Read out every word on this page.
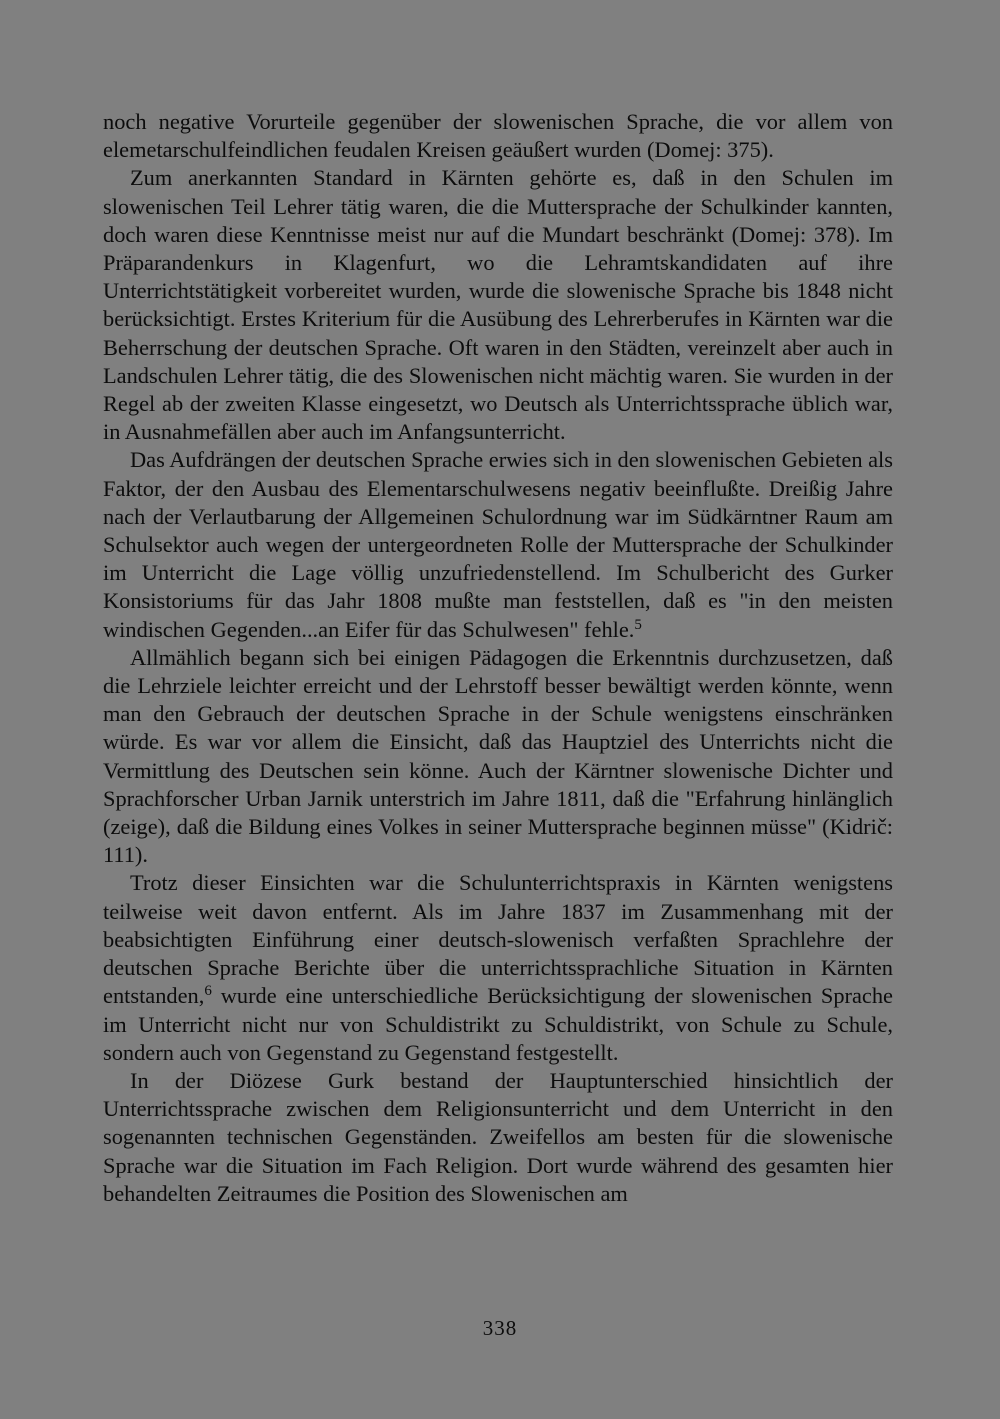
noch negative Vorurteile gegenüber der slowenischen Sprache, die vor allem von elemetarschulfeindlichen feudalen Kreisen geäußert wurden (Domej: 375).

Zum anerkannten Standard in Kärnten gehörte es, daß in den Schulen im slowenischen Teil Lehrer tätig waren, die die Muttersprache der Schulkinder kannten, doch waren diese Kenntnisse meist nur auf die Mundart beschränkt (Domej: 378). Im Präparandenkurs in Klagenfurt, wo die Lehramtskandidaten auf ihre Unterrichtstätigkeit vorbereitet wurden, wurde die slowenische Sprache bis 1848 nicht berücksichtigt. Erstes Kriterium für die Ausübung des Lehrerberufes in Kärnten war die Beherrschung der deutschen Sprache. Oft waren in den Städten, vereinzelt aber auch in Landschulen Lehrer tätig, die des Slowenischen nicht mächtig waren. Sie wurden in der Regel ab der zweiten Klasse eingesetzt, wo Deutsch als Unterrichtssprache üblich war, in Ausnahmefällen aber auch im Anfangsunterricht.

Das Aufdrängen der deutschen Sprache erwies sich in den slowenischen Gebieten als Faktor, der den Ausbau des Elementarschulwesens negativ beeinflußte. Dreißig Jahre nach der Verlautbarung der Allgemeinen Schulordnung war im Südkärntner Raum am Schulsektor auch wegen der untergeordneten Rolle der Muttersprache der Schulkinder im Unterricht die Lage völlig unzufriedenstellend. Im Schulbericht des Gurker Konsistoriums für das Jahr 1808 mußte man feststellen, daß es "in den meisten windischen Gegenden...an Eifer für das Schulwesen" fehle.$^5$

Allmählich begann sich bei einigen Pädagogen die Erkenntnis durchzusetzen, daß die Lehrziele leichter erreicht und der Lehrstoff besser bewältigt werden könnte, wenn man den Gebrauch der deutschen Sprache in der Schule wenigstens einschränken würde. Es war vor allem die Einsicht, daß das Hauptziel des Unterrichts nicht die Vermittlung des Deutschen sein könne. Auch der Kärntner slowenische Dichter und Sprachforscher Urban Jarnik unterstrich im Jahre 1811, daß die "Erfahrung hinlänglich (zeige), daß die Bildung eines Volkes in seiner Muttersprache beginnen müsse" (Kidrič: 111).

Trotz dieser Einsichten war die Schulunterrichtspraxis in Kärnten wenigstens teilweise weit davon entfernt. Als im Jahre 1837 im Zusammenhang mit der beabsichtigten Einführung einer deutsch-slowenisch verfaßten Sprachlehre der deutschen Sprache Berichte über die unterrichtssprachliche Situation in Kärnten entstanden,$^6$ wurde eine unterschiedliche Berücksichtigung der slowenischen Sprache im Unterricht nicht nur von Schuldistrikt zu Schuldistrikt, von Schule zu Schule, sondern auch von Gegenstand zu Gegenstand festgestellt.

In der Diözese Gurk bestand der Hauptunterschied hinsichtlich der Unterrichtssprache zwischen dem Religionsunterricht und dem Unterricht in den sogenannten technischen Gegenständen. Zweifellos am besten für die slowenische Sprache war die Situation im Fach Religion. Dort wurde während des gesamten hier behandelten Zeitraumes die Position des Slowenischen am

338
